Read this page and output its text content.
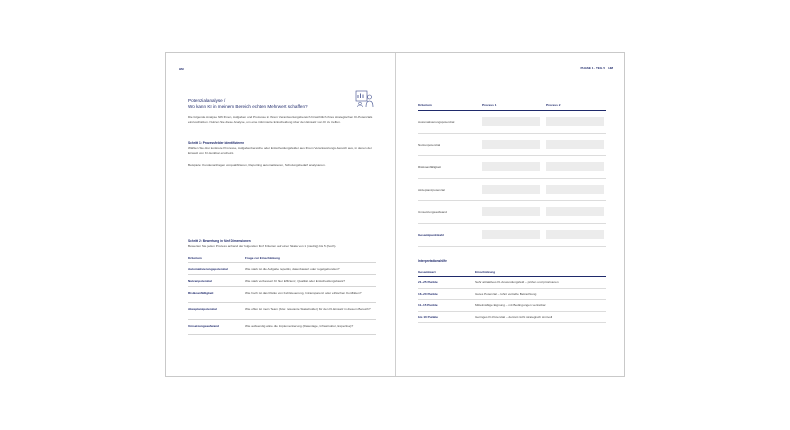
HM
Potenzialanalyse /
Wo kann KI in meinem Bereich echten Mehrwert schaffen?
Die folgende Analyse hilft Ihnen, Aufgaben und Prozesse in Ihrem Verantwortungsbereich hinsichtlich ihres strategischen KI-Potenzials einzuschätzen. Nutzen Sie diese Analyse, um eine informierte Entscheidung über den Einsatz von KI zu treffen.
Schritt 1: Prozessfelder identifizieren
Wählen Sie drei konkrete Prozesse, Aufgabenbereiche oder Entscheidungsfelder aus Ihrem Verantwortungs-bereich aus, in denen der Einsatz von KI denkbar erscheint.
Beispiele: Kundenanfragen vorqualifizieren, Reporting automatisieren, Schulungsbedarf analysieren.
Schritt 2: Bewertung in fünf Dimensionen
Bewerten Sie jeden Prozess anhand der folgenden fünf Kriterien auf einer Skala von 1 (niedrig) bis 5 (hoch).
Kriterium	Frage zur Einschätzung
Automatisierungspotenzial	Wie stark ist die Aufgabe repetitiv, datenbasiert oder regelgebunden?
Nutzenpotenzial	Wie stark verbessert KI hier Effizienz, Qualität oder Entscheidungsbasis?
Risikoanfälligkeit	Wie hoch ist das Risiko von Fehlsteuerung, Intransparenz oder ethischen Konflikten?
Akzeptanzpotenzial	Wie offen ist mein Team (bzw. relevante Stakeholder) für den KI-Einsatz in diesem Bereich?
Umsetzungsaufwand	Wie aufwendig wäre die Implementierung (Datenlage, Infrastruktur, Expertise)?
PHASE 1 · TEIL 5 HM
Kriterium	Prozess 1	Prozess 2
Automatisierungspotenzial
Nutzenpotenzial
Risikoanfälligkeit
Akzeptanzpotenzial
Umsetzungsaufwand
Gesamtpunktzahl
Interpretationshilfe
Gesamtwert	Einschätzung
21–25 Punkte	Sehr attraktives KI-Anwendungsfeld – prüfen und priorisieren
16–20 Punkte	Gutes Potenzial – lohnt vertiefte Betrachtung
11–15 Punkte	Mittelmäßige Eignung – mit Bedingungen vertretbar
bis 10 Punkte	Geringes KI-Potenzial – derzeit nicht strategisch sinnvoll
